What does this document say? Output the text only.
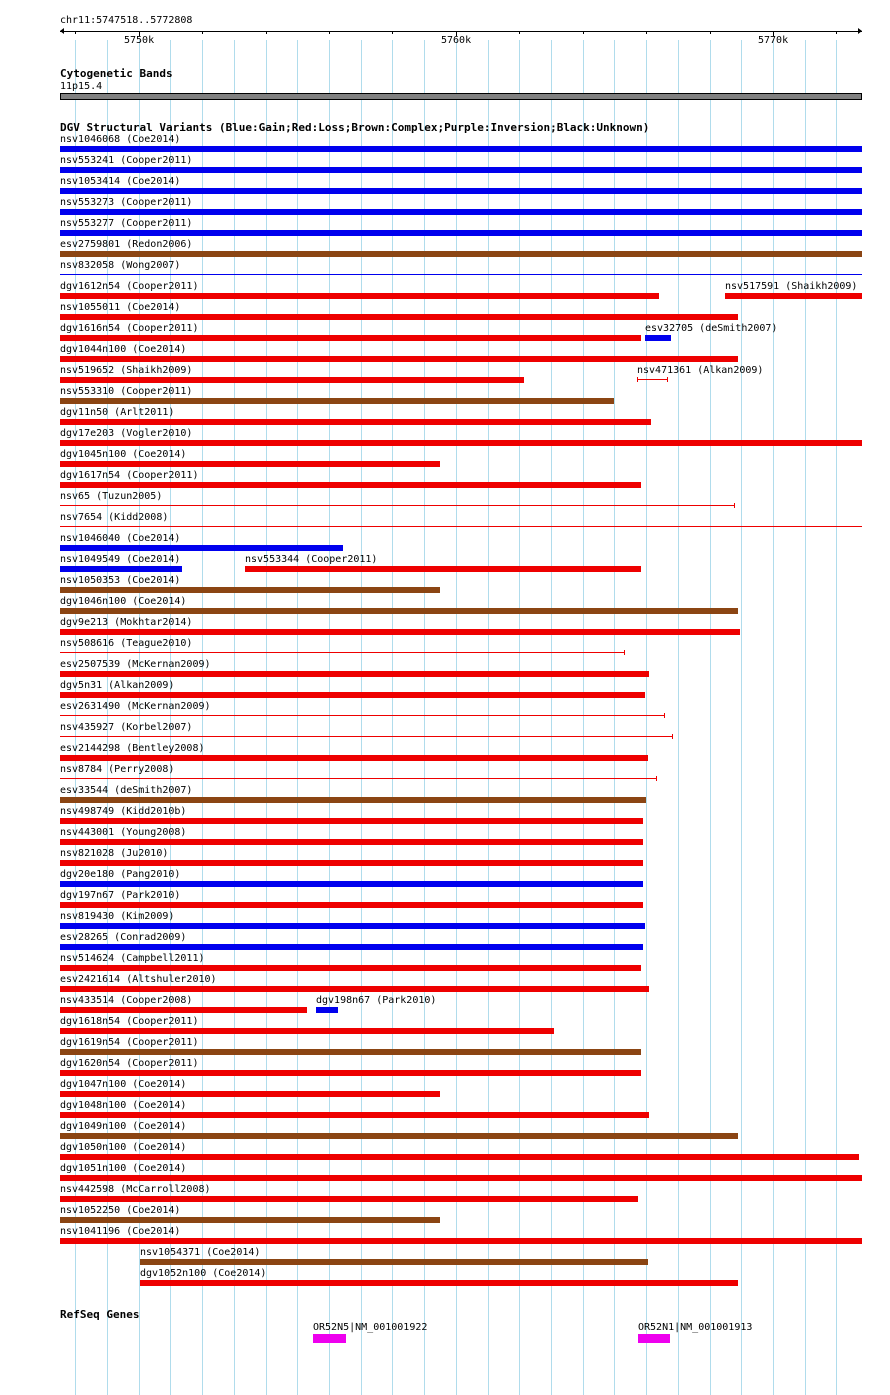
chr11:5747518..5772808
5750k	5760k	5770k
Cytogenetic Bands
11p15.4
DGV Structural Variants (Blue:Gain;Red:Loss;Brown:Complex;Purple:Inversion;Black:Unknown)
nsv1046068 (Coe2014)
nsv553241 (Cooper2011)
nsv1053414 (Coe2014)
nsv553273 (Cooper2011)
nsv553277 (Cooper2011)
esv2759801 (Redon2006)
nsv832058 (Wong2007)
dgv1612n54 (Cooper2011)	nsv517591 (Shaikh2009)
nsv1055011 (Coe2014)
dgv1616n54 (Cooper2011)	esv32705 (deSmith2007)
dgv1044n100 (Coe2014)
nsv519652 (Shaikh2009)	nsv471361 (Alkan2009)
nsv553310 (Cooper2011)
dgv11n50 (Arlt2011)
dgv17e203 (Vogler2010)
dgv1045n100 (Coe2014)
dgv1617n54 (Cooper2011)
nsv65 (Tuzun2005)
nsv7654 (Kidd2008)
nsv1046040 (Coe2014)
nsv1049549 (Coe2014)	nsv553344 (Cooper2011)
nsv1050353 (Coe2014)
dgv1046n100 (Coe2014)
dgv9e213 (Mokhtar2014)
nsv508616 (Teague2010)
esv2507539 (McKernan2009)
dgv5n31 (Alkan2009)
esv2631490 (McKernan2009)
nsv435927 (Korbel2007)
esv2144298 (Bentley2008)
nsv8784 (Perry2008)
esv33544 (deSmith2007)
nsv498749 (Kidd2010b)
nsv443001 (Young2008)
nsv821028 (Ju2010)
dgv20e180 (Pang2010)
dgv197n67 (Park2010)
nsv819430 (Kim2009)
esv28265 (Conrad2009)
nsv514624 (Campbell2011)
esv2421614 (Altshuler2010)
nsv433514 (Cooper2008)	dgv198n67 (Park2010)
dgv1618n54 (Cooper2011)
dgv1619n54 (Cooper2011)
dgv1620n54 (Cooper2011)
dgv1047n100 (Coe2014)
dgv1048n100 (Coe2014)
dgv1049n100 (Coe2014)
dgv1050n100 (Coe2014)
dgv1051n100 (Coe2014)
nsv442598 (McCarroll2008)
nsv1052250 (Coe2014)
nsv1041196 (Coe2014)
nsv1054371 (Coe2014)
dgv1052n100 (Coe2014)
RefSeq Genes
OR52N5|NM_001001922	OR52N1|NM_001001913
